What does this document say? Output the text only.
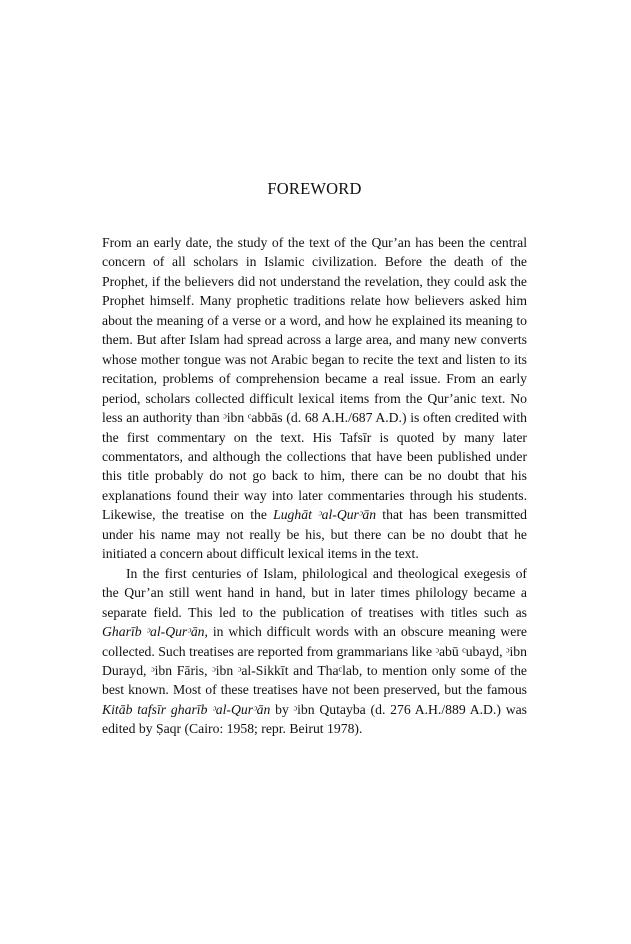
FOREWORD

From an early date, the study of the text of the Qur’an has been the central concern of all scholars in Islamic civilization. Before the death of the Prophet, if the believers did not understand the revelation, they could ask the Prophet himself. Many prophetic traditions relate how believers asked him about the meaning of a verse or a word, and how he explained its meaning to them. But after Islam had spread across a large area, and many new converts whose mother tongue was not Arabic began to recite the text and listen to its recitation, problems of comprehension became a real issue. From an early period, scholars collected difficult lexical items from the Qur’anic text. No less an authority than ᵓibn ᶜabbās (d. 68 A.H./687 A.D.) is often credited with the first commentary on the text. His Tafsīr is quoted by many later commentators, and although the collections that have been published under this title probably do not go back to him, there can be no doubt that his explanations found their way into later commentaries through his students. Likewise, the treatise on the Lughāt ᵓal-Qurᵓān that has been transmitted under his name may not really be his, but there can be no doubt that he initiated a concern about difficult lexical items in the text.

In the first centuries of Islam, philological and theological exegesis of the Qur’an still went hand in hand, but in later times philology became a separate field. This led to the publication of treatises with titles such as Gharīb ᵓal-Qurᵓān, in which difficult words with an obscure meaning were collected. Such treatises are reported from grammarians like ᵓabū ᶜubayd, ᵓibn Durayd, ᵓibn Fāris, ᵓibn ᵓal-Sikkīt and Thaᶜlab, to mention only some of the best known. Most of these treatises have not been preserved, but the famous Kitāb tafsīr gharīb ᵓal-Qurᵓān by ᵓibn Qutayba (d. 276 A.H./889 A.D.) was edited by Ṣaqr (Cairo: 1958; repr. Beirut 1978).
